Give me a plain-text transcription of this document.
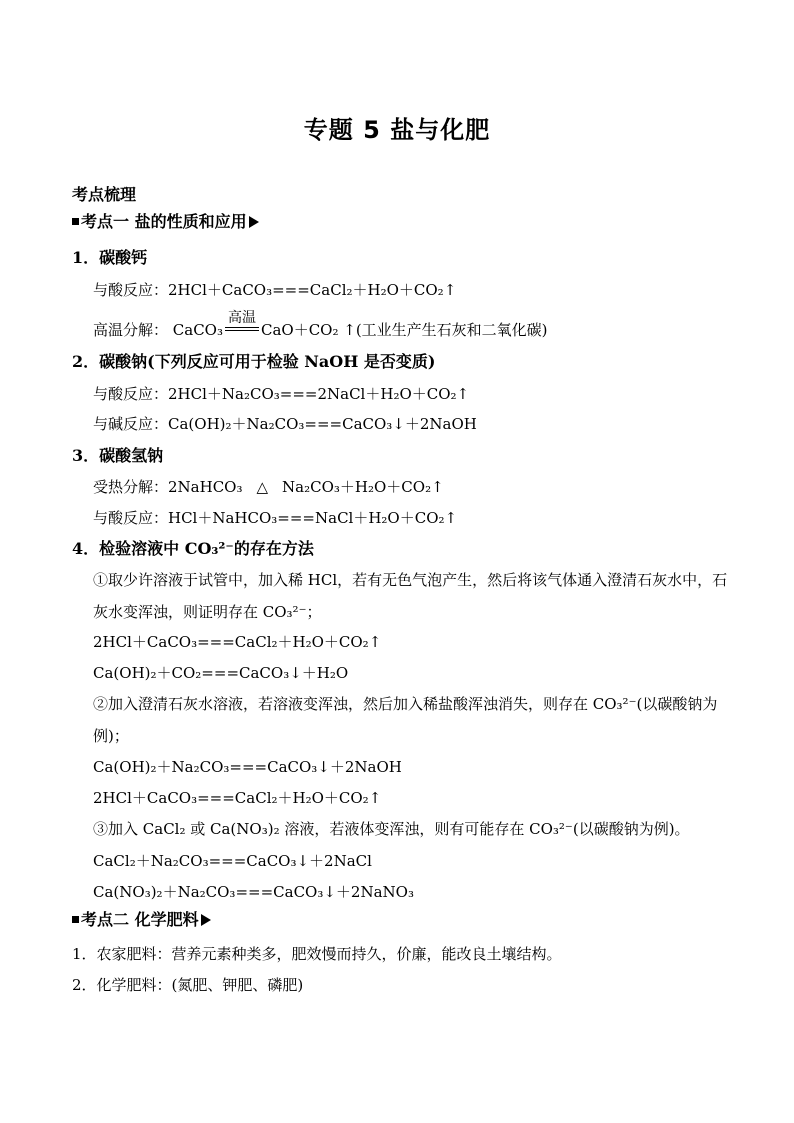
专题 5 盐与化肥
考点梳理
考点一 盐的性质和应用
1．碳酸钙
与酸反应：2HCl＋CaCO₃===CaCl₂＋H₂O＋CO₂↑
高温分解： CaCO₃
高温
CaO＋CO₂ ↑(工业生产生石灰和二氧化碳)
2．碳酸钠(下列反应可用于检验 NaOH 是否变质)
与酸反应：2HCl＋Na₂CO₃===2NaCl＋H₂O＋CO₂↑
与碱反应：Ca(OH)₂＋Na₂CO₃===CaCO₃↓＋2NaOH
3．碳酸氢钠
受热分解：2NaHCO₃ △ Na₂CO₃＋H₂O＋CO₂↑
与酸反应：HCl＋NaHCO₃===NaCl＋H₂O＋CO₂↑
4．检验溶液中 CO₃²⁻的存在方法
①取少许溶液于试管中，加入稀 HCl，若有无色气泡产生，然后将该气体通入澄清石灰水中，石灰水变浑浊，则证明存在 CO₃²⁻；
2HCl＋CaCO₃===CaCl₂＋H₂O＋CO₂↑
Ca(OH)₂＋CO₂===CaCO₃↓＋H₂O
②加入澄清石灰水溶液，若溶液变浑浊，然后加入稀盐酸浑浊消失，则存在 CO₃²⁻(以碳酸钠为例)；
Ca(OH)₂＋Na₂CO₃===CaCO₃↓＋2NaOH
2HCl＋CaCO₃===CaCl₂＋H₂O＋CO₂↑
③加入 CaCl₂ 或 Ca(NO₃)₂ 溶液，若液体变浑浊，则有可能存在 CO₃²⁻(以碳酸钠为例)。
CaCl₂＋Na₂CO₃===CaCO₃↓＋2NaCl
Ca(NO₃)₂＋Na₂CO₃===CaCO₃↓＋2NaNO₃
考点二 化学肥料
1．农家肥料：营养元素种类多，肥效慢而持久，价廉，能改良土壤结构。
2．化学肥料：(氮肥、钾肥、磷肥)
